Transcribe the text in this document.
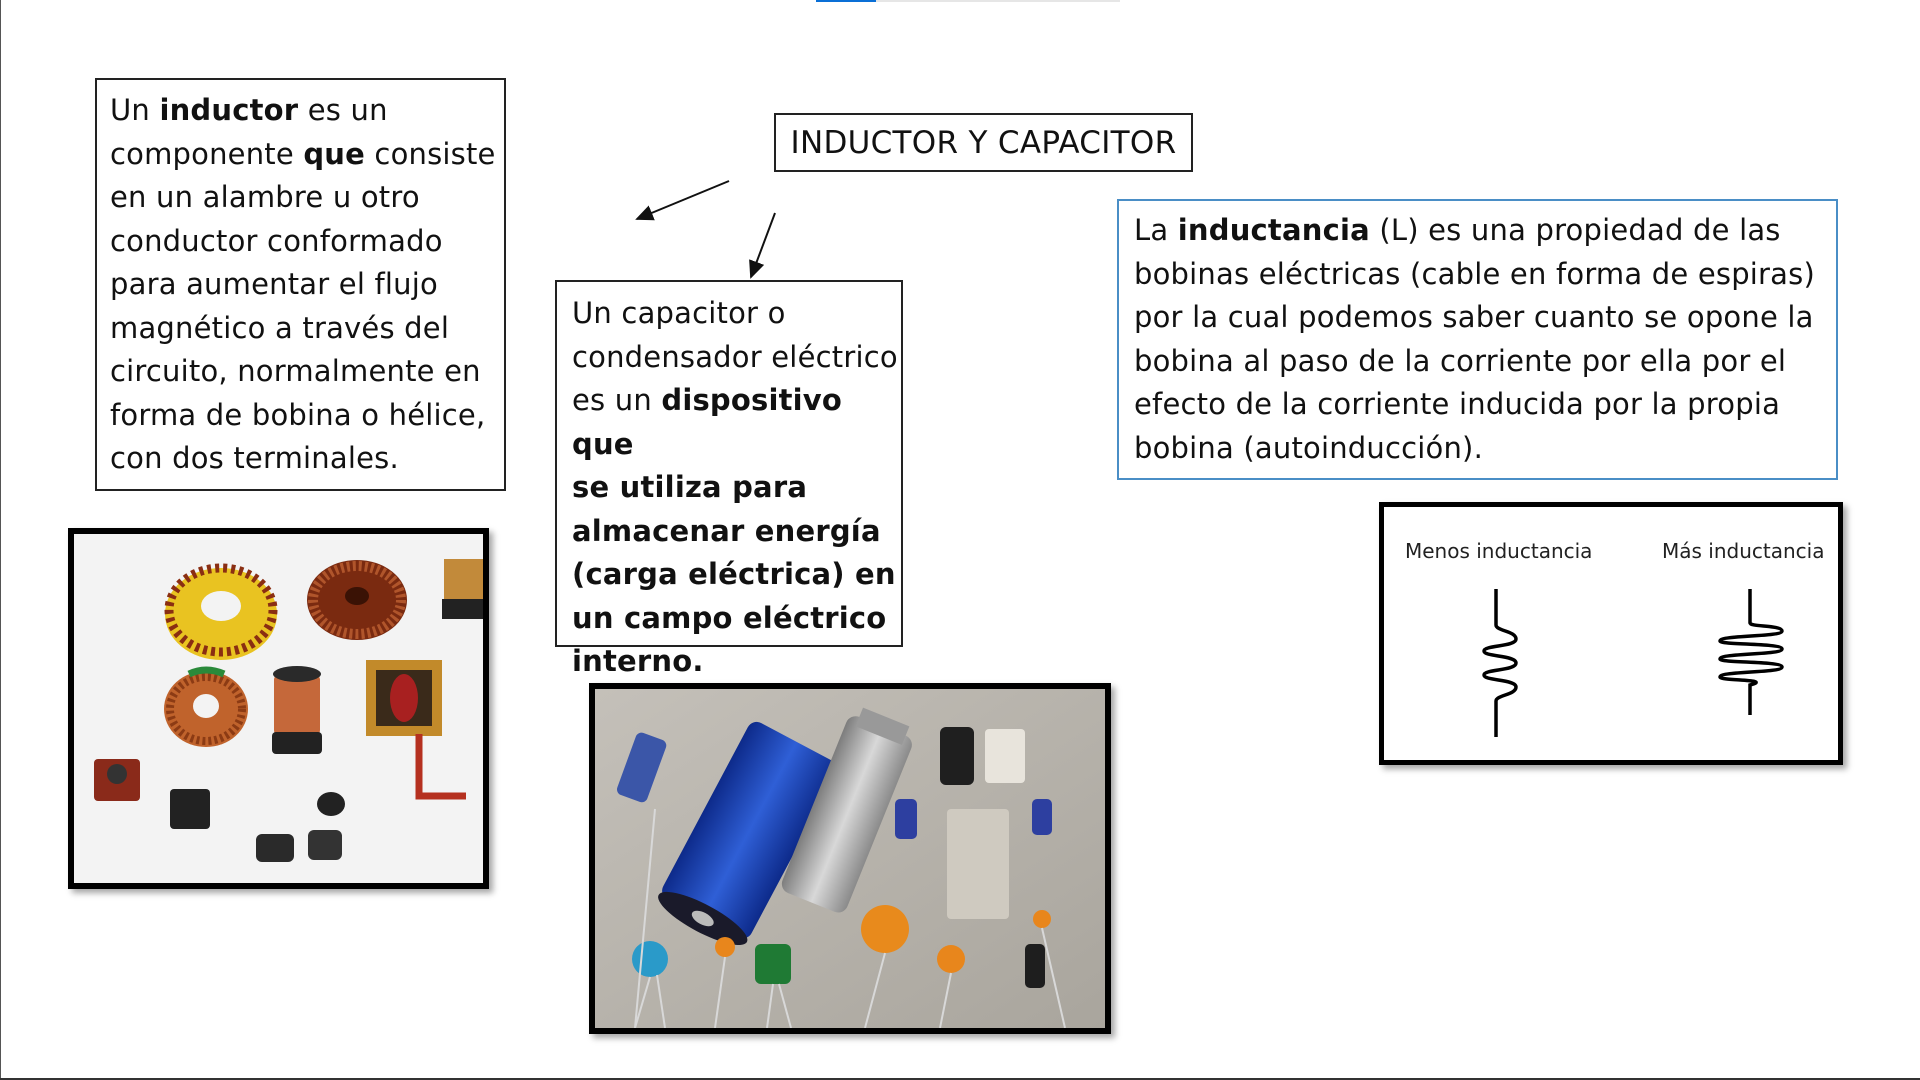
Un inductor es un
componente que consiste
en un alambre u otro
conductor conformado
para aumentar el flujo
magnético a través del
circuito, normalmente en
forma de bobina o hélice,
con dos terminales.
INDUCTOR Y CAPACITOR
Un capacitor o
condensador eléctrico
es un dispositivo que
se utiliza para
almacenar energía
(carga eléctrica) en
un campo eléctrico
interno.
La inductancia (L) es una propiedad de las
bobinas eléctricas (cable en forma de espiras)
por la cual podemos saber cuanto se opone la
bobina al paso de la corriente por ella por el
efecto de la corriente inducida por la propia
bobina (autoinducción).
Menos inductancia	Más inductancia
